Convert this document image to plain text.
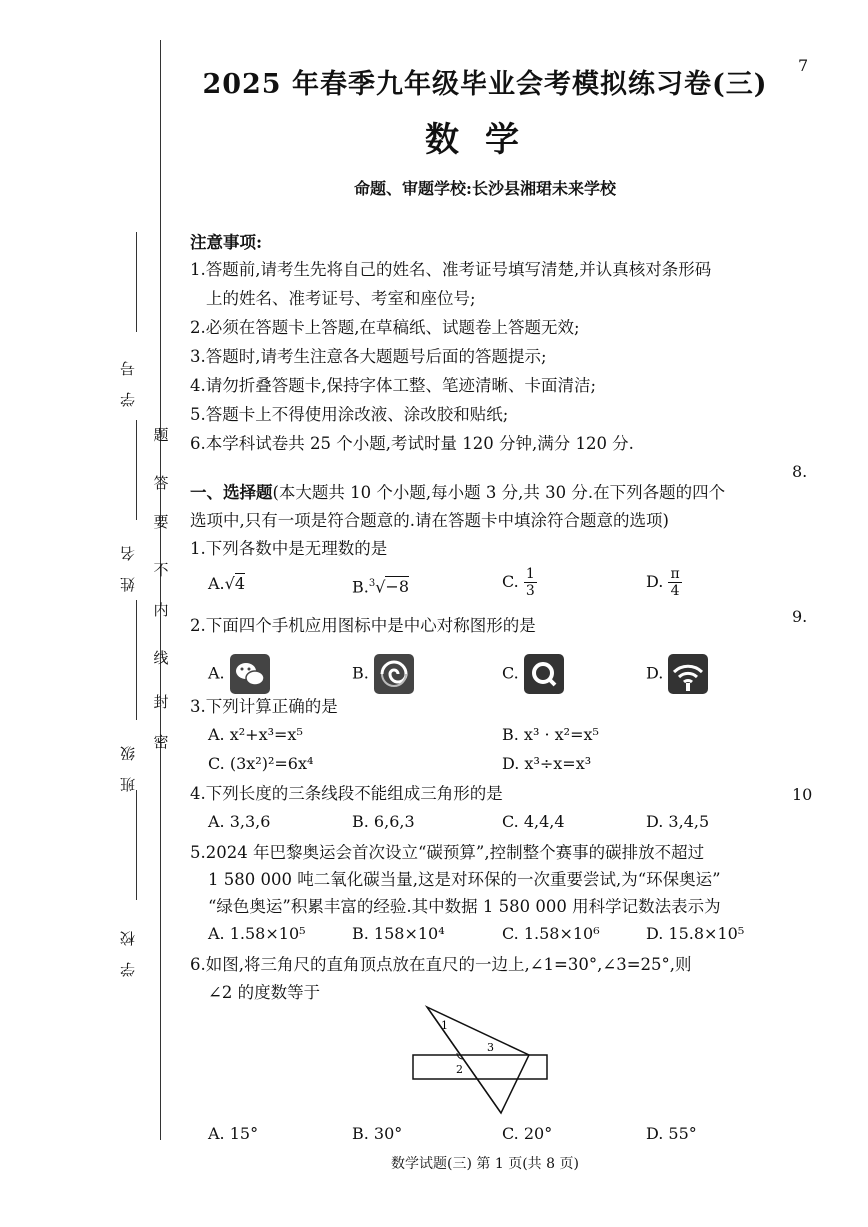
7
学号
姓名
班级
学校
题
答
要
不
内
线
封
密
2025 年春季九年级毕业会考模拟练习卷(三)
数学
命题、审题学校:长沙县湘珺未来学校
注意事项:
1.答题前,请考生先将自己的姓名、准考证号填写清楚,并认真核对条形码
上的姓名、准考证号、考室和座位号;
2.必须在答题卡上答题,在草稿纸、试题卷上答题无效;
3.答题时,请考生注意各大题题号后面的答题提示;
4.请勿折叠答题卡,保持字体工整、笔迹清晰、卡面清洁;
5.答题卡上不得使用涂改液、涂改胶和贴纸;
6.本学科试卷共 25 个小题,考试时量 120 分钟,满分 120 分.
一、选择题(本大题共 10 个小题,每小题 3 分,共 30 分.在下列各题的四个
选项中,只有一项是符合题意的.请在答题卡中填涂符合题意的选项)
1.下列各数中是无理数的是
A.√4	B.$^3$√−8	C. $\frac{1}{3}$	D. $\frac{\pi}{4}$
2.下面四个手机应用图标中是中心对称图形的是
A.	B.	C.	D.
3.下列计算正确的是
A. x²+x³=x⁵	B. x³ · x²=x⁵
C. (3x²)²=6x⁴	D. x³÷x=x³
4.下列长度的三条线段不能组成三角形的是
A. 3,3,6	B. 6,6,3	C. 4,4,4	D. 3,4,5
5.2024 年巴黎奥运会首次设立“碳预算”,控制整个赛事的碳排放不超过
1 580 000 吨二氧化碳当量,这是对环保的一次重要尝试,为“环保奥运”
“绿色奥运”积累丰富的经验.其中数据 1 580 000 用科学记数法表示为
A. 1.58×10⁵	B. 158×10⁴	C. 1.58×10⁶	D. 15.8×10⁵
6.如图,将三角尺的直角顶点放在直尺的一边上,∠1=30°,∠3=25°,则
∠2 的度数等于
1
2
3
A. 15°	B. 30°	C. 20°	D. 55°
8.
9.
10
数学试题(三) 第 1 页(共 8 页)
